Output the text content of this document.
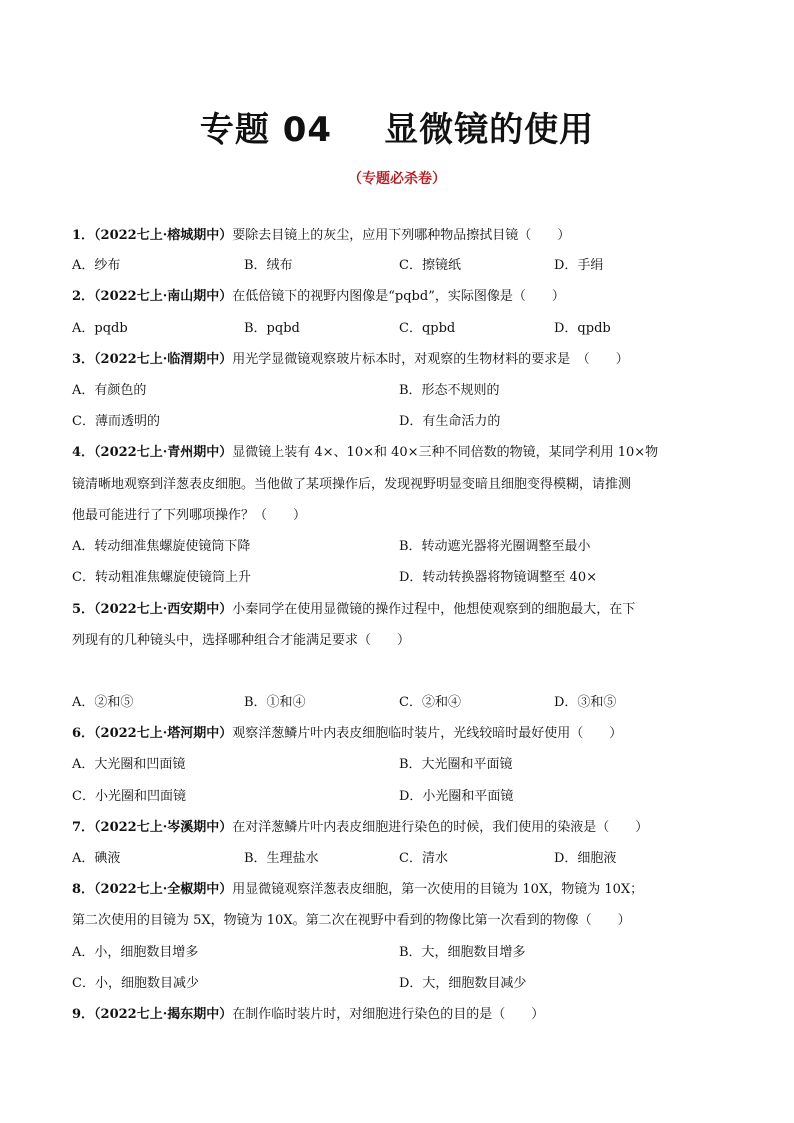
专题 04 显微镜的使用
（专题必杀卷）
1．（2022七上·榕城期中）要除去目镜上的灰尘，应用下列哪种物品擦拭目镜（　　）
A．纱布	B．绒布	C．擦镜纸	D．手绢
2．（2022七上·南山期中）在低倍镜下的视野内图像是“pqbd”，实际图像是（　　）
A．pqdb	B．pqbd	C．qpbd	D．qpdb
3．（2022七上·临渭期中）用光学显微镜观察玻片标本时，对观察的生物材料的要求是　（　　）
A．有颜色的	B．形态不规则的
C．薄而透明的	D．有生命活力的
4．（2022七上·青州期中）显微镜上装有 4×、10×和 40×三种不同倍数的物镜，某同学利用 10×物
镜清晰地观察到洋葱表皮细胞。当他做了某项操作后，发现视野明显变暗且细胞变得模糊，请推测
他最可能进行了下列哪项操作？（　　）
A．转动细准焦螺旋使镜筒下降	B．转动遮光器将光圈调整至最小
C．转动粗准焦螺旋使镜筒上升	D．转动转换器将物镜调整至 40×
5．（2022七上·西安期中）小秦同学在使用显微镜的操作过程中，他想使观察到的细胞最大，在下
列现有的几种镜头中，选择哪种组合才能满足要求（　　）
A．②和⑤	B．①和④	C．②和④	D．③和⑤
6．（2022七上·塔河期中）观察洋葱鳞片叶内表皮细胞临时装片，光线较暗时最好使用（　　）
A．大光圈和凹面镜	B．大光圈和平面镜
C．小光圈和凹面镜	D．小光圈和平面镜
7．（2022七上·岑溪期中）在对洋葱鳞片叶内表皮细胞进行染色的时候，我们使用的染液是（　　）
A．碘液	B．生理盐水	C．清水	D．细胞液
8．（2022七上·全椒期中）用显微镜观察洋葱表皮细胞，第一次使用的目镜为 10X，物镜为 10X；
第二次使用的目镜为 5X，物镜为 10X。第二次在视野中看到的物像比第一次看到的物像（　　）
A．小，细胞数目增多	B．大，细胞数目增多
C．小，细胞数目减少	D．大，细胞数目减少
9．（2022七上·揭东期中）在制作临时装片时，对细胞进行染色的目的是（　　）
